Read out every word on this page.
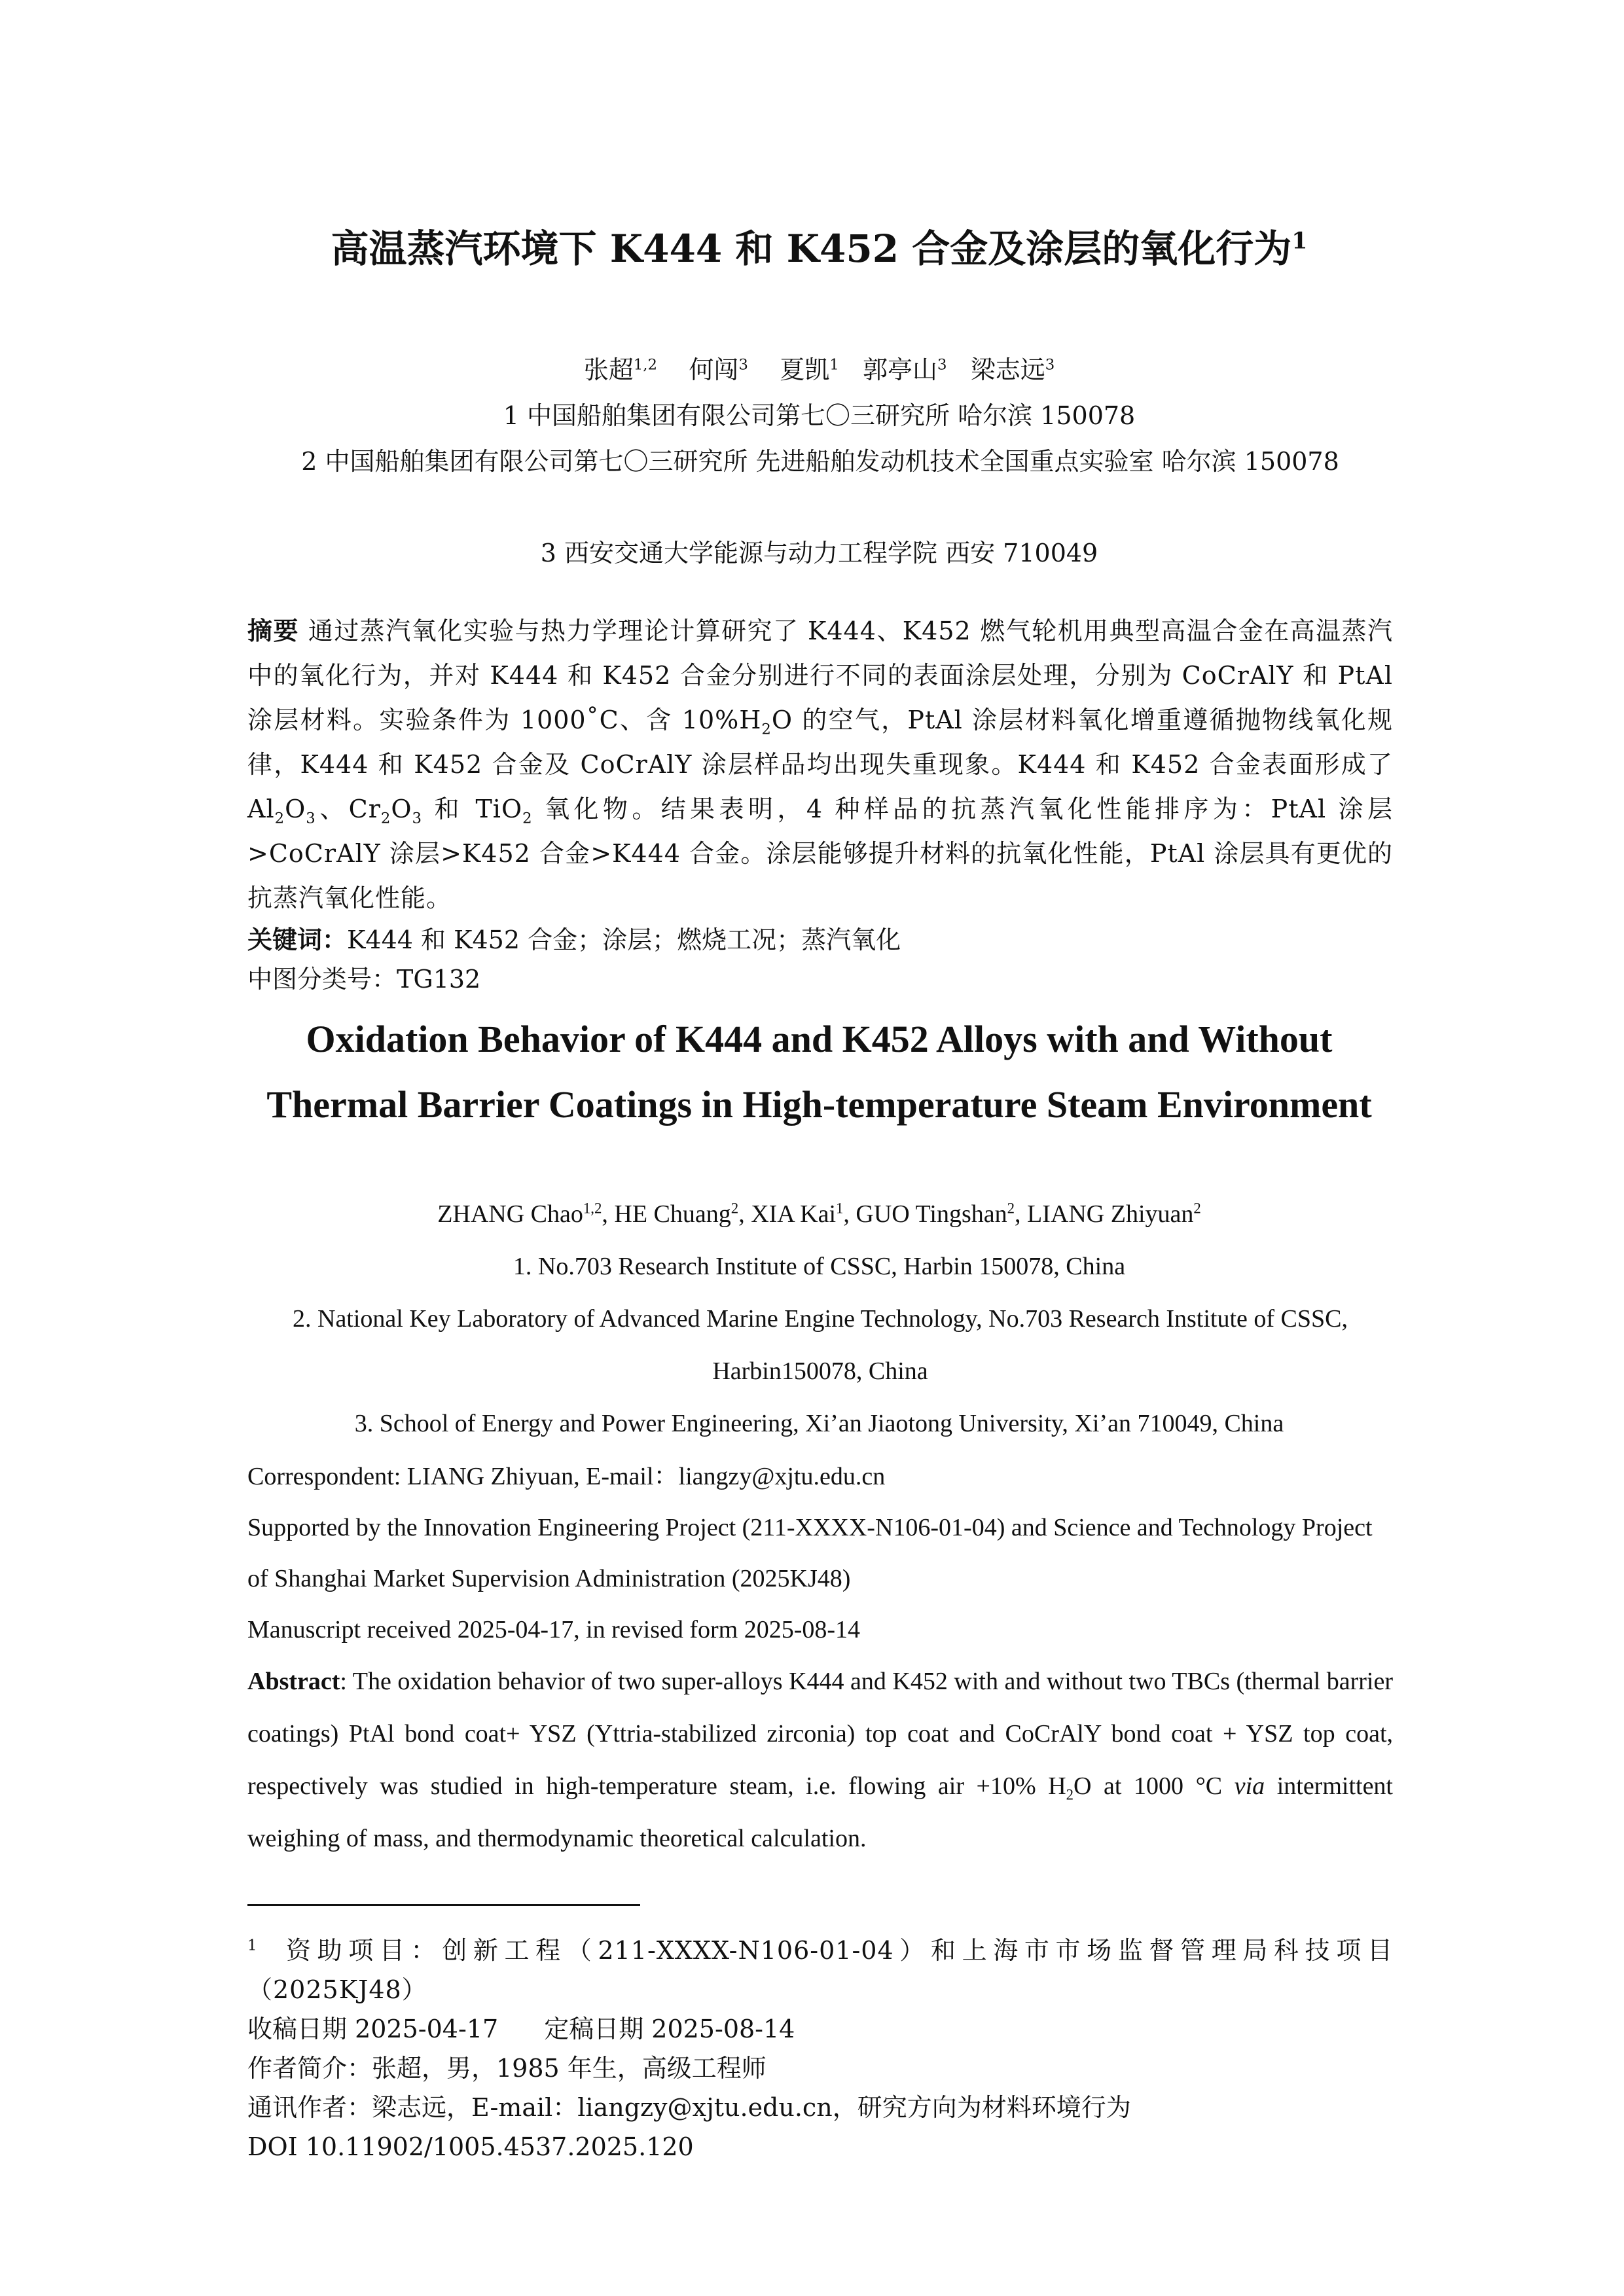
高温蒸汽环境下 K444 和 K452 合金及涂层的氧化行为$^1$
张超$^{1,2}$ 何闯$^3$ 夏凯$^1$ 郭亭山$^3$ 梁志远$^3$
1 中国船舶集团有限公司第七〇三研究所 哈尔滨 150078
2 中国船舶集团有限公司第七〇三研究所 先进船舶发动机技术全国重点实验室 哈尔滨 150078
3 西安交通大学能源与动力工程学院 西安 710049
摘要 通过蒸汽氧化实验与热力学理论计算研究了 K444、K452 燃气轮机用典型高温合金在高温蒸汽中的氧化行为，并对 K444 和 K452 合金分别进行不同的表面涂层处理，分别为 CoCrAlY 和 PtAl 涂层材料。实验条件为 1000˚C、含 $10\%H_2O$ 的空气，PtAl 涂层材料氧化增重遵循抛物线氧化规律，K444 和 K452 合金及 CoCrAlY 涂层样品均出现失重现象。K444 和 K452 合金表面形成了 $Al_2O_3$、$Cr_2O_3$ 和 TiO$_2$ 氧化物。结果表明，4 种样品的抗蒸汽氧化性能排序为：PtAl 涂层>CoCrAlY 涂层>K452 合金>K444 合金。涂层能够提升材料的抗氧化性能，PtAl 涂层具有更优的抗蒸汽氧化性能。
关键词：K444 和 K452 合金；涂层；燃烧工况；蒸汽氧化
中图分类号：TG132
Oxidation Behavior of K444 and K452 Alloys with and Without Thermal Barrier Coatings in High-temperature Steam Environment
ZHANG Chao$^{1,2}$, HE Chuang$^2$, XIA Kai$^1$, GUO Tingshan$^2$, LIANG Zhiyuan$^2$
1. No.703 Research Institute of CSSC, Harbin 150078, China
2. National Key Laboratory of Advanced Marine Engine Technology, No.703 Research Institute of CSSC, Harbin150078, China
3. School of Energy and Power Engineering, Xi’an Jiaotong University, Xi’an 710049, China
Correspondent: LIANG Zhiyuan, E-mail：liangzy@xjtu.edu.cn
Supported by the Innovation Engineering Project (211-XXXX-N106-01-04) and Science and Technology Project of Shanghai Market Supervision Administration (2025KJ48)
Manuscript received 2025-04-17, in revised form 2025-08-14
Abstract: The oxidation behavior of two super-alloys K444 and K452 with and without two TBCs (thermal barrier coatings) PtAl bond coat+ YSZ (Yttria-stabilized zirconia) top coat and CoCrAlY bond coat + YSZ top coat, respectively was studied in high-temperature steam, i.e. flowing air +10% $H_2O$ at 1000 °C via intermittent weighing of mass, and thermodynamic theoretical calculation.
$^1$ 资助项目：创新工程（211-XXXX-N106-01-04）和上海市市场监督管理局科技项目（2025KJ48）
收稿日期 2025-04-17 定稿日期 2025-08-14
作者简介：张超，男，1985 年生，高级工程师
通讯作者：梁志远，E-mail：liangzy@xjtu.edu.cn，研究方向为材料环境行为
DOI 10.11902/1005.4537.2025.120
